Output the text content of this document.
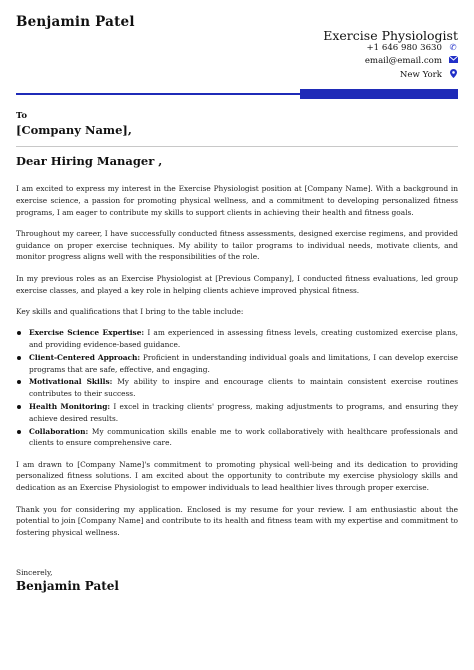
Benjamin Patel
Exercise Physiologist
+1 646 980 3630 ✆
email@email.com
New York
To
[Company Name],
Dear Hiring Manager ,

I am excited to express my interest in the Exercise Physiologist position at [Company Name]. With a background in exercise science, a passion for promoting physical wellness, and a commitment to developing personalized fitness programs, I am eager to contribute my skills to support clients in achieving their health and fitness goals.

Throughout my career, I have successfully conducted fitness assessments, designed exercise regimens, and provided guidance on proper exercise techniques. My ability to tailor programs to individual needs, motivate clients, and monitor progress aligns well with the responsibilities of the role.

In my previous roles as an Exercise Physiologist at [Previous Company], I conducted fitness evaluations, led group exercise classes, and played a key role in helping clients achieve improved physical fitness.

Key skills and qualifications that I bring to the table include:

Exercise Science Expertise: I am experienced in assessing fitness levels, creating customized exercise plans, and providing evidence-based guidance.
Client-Centered Approach: Proficient in understanding individual goals and limitations, I can develop exercise programs that are safe, effective, and engaging.
Motivational Skills: My ability to inspire and encourage clients to maintain consistent exercise routines contributes to their success.
Health Monitoring: I excel in tracking clients' progress, making adjustments to programs, and ensuring they achieve desired results.
Collaboration: My communication skills enable me to work collaboratively with healthcare professionals and clients to ensure comprehensive care.

I am drawn to [Company Name]'s commitment to promoting physical well-being and its dedication to providing personalized fitness solutions. I am excited about the opportunity to contribute my exercise physiology skills and dedication as an Exercise Physiologist to empower individuals to lead healthier lives through proper exercise.

Thank you for considering my application. Enclosed is my resume for your review. I am enthusiastic about the potential to join [Company Name] and contribute to its health and fitness team with my expertise and commitment to fostering physical wellness.

Sincerely,
Benjamin Patel
